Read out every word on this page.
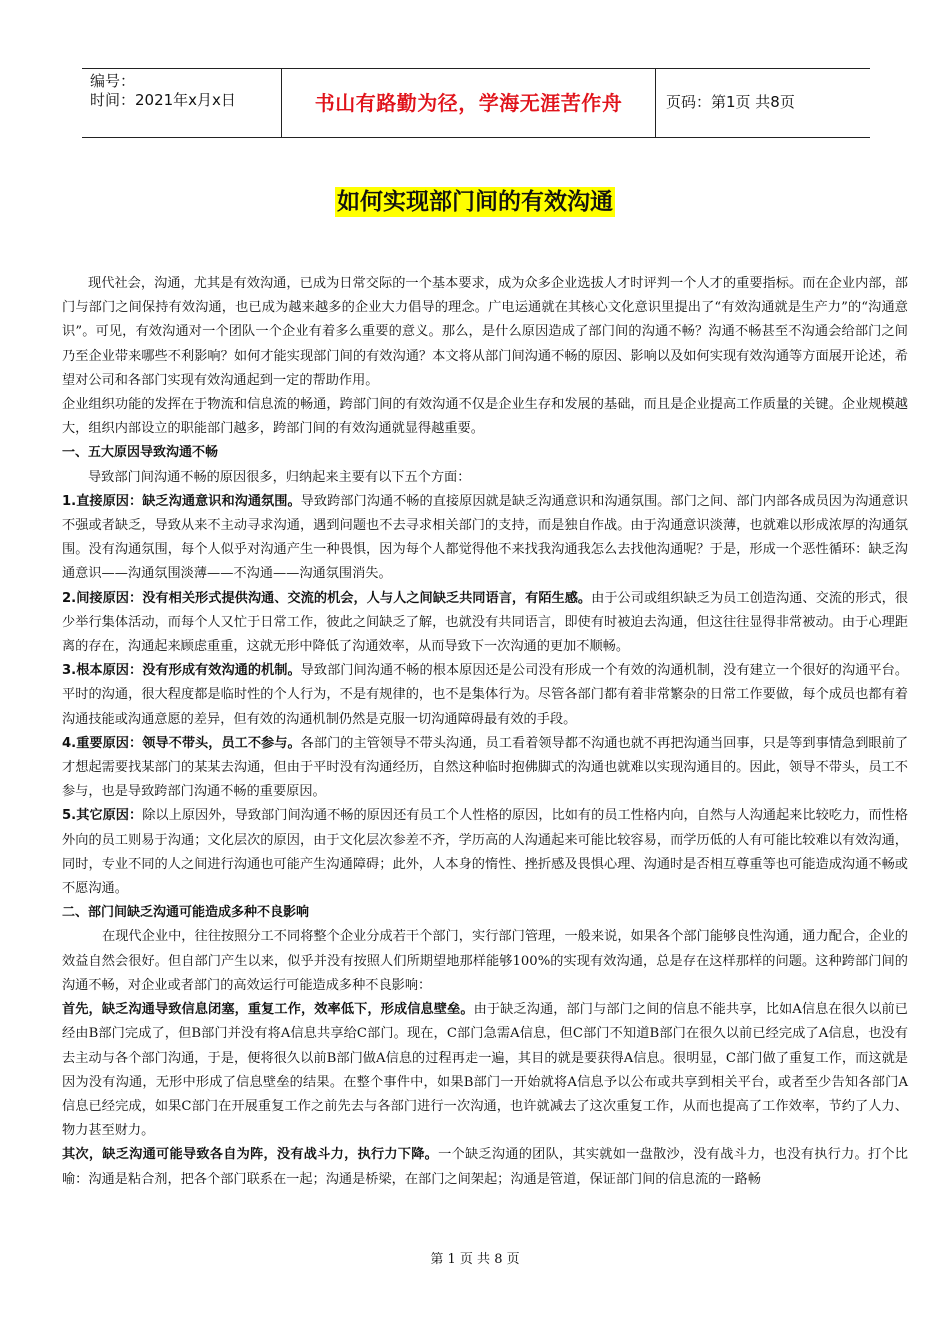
编号：
时间：2021年x月x日	书山有路勤为径，学海无涯苦作舟	页码：第1页 共8页
如何实现部门间的有效沟通

现代社会，沟通，尤其是有效沟通，已成为日常交际的一个基本要求，成为众多企业选拔人才时评判一个人才的重要指标。而在企业内部，部门与部门之间保持有效沟通，也已成为越来越多的企业大力倡导的理念。广电运通就在其核心文化意识里提出了“有效沟通就是生产力”的“沟通意识”。可见，有效沟通对一个团队一个企业有着多么重要的意义。那么，是什么原因造成了部门间的沟通不畅？沟通不畅甚至不沟通会给部门之间乃至企业带来哪些不利影响？如何才能实现部门间的有效沟通？本文将从部门间沟通不畅的原因、影响以及如何实现有效沟通等方面展开论述，希望对公司和各部门实现有效沟通起到一定的帮助作用。

企业组织功能的发挥在于物流和信息流的畅通，跨部门间的有效沟通不仅是企业生存和发展的基础，而且是企业提高工作质量的关键。企业规模越大，组织内部设立的职能部门越多，跨部门间的有效沟通就显得越重要。

一、五大原因导致沟通不畅

导致部门间沟通不畅的原因很多，归纳起来主要有以下五个方面：

1.直接原因：缺乏沟通意识和沟通氛围。导致跨部门沟通不畅的直接原因就是缺乏沟通意识和沟通氛围。部门之间、部门内部各成员因为沟通意识不强或者缺乏，导致从来不主动寻求沟通，遇到问题也不去寻求相关部门的支持，而是独自作战。由于沟通意识淡薄，也就难以形成浓厚的沟通氛围。没有沟通氛围，每个人似乎对沟通产生一种畏惧，因为每个人都觉得他不来找我沟通我怎么去找他沟通呢？于是，形成一个恶性循环：缺乏沟通意识——沟通氛围淡薄——不沟通——沟通氛围消失。

2.间接原因：没有相关形式提供沟通、交流的机会，人与人之间缺乏共同语言，有陌生感。由于公司或组织缺乏为员工创造沟通、交流的形式，很少举行集体活动，而每个人又忙于日常工作，彼此之间缺乏了解，也就没有共同语言，即使有时被迫去沟通，但这往往显得非常被动。由于心理距离的存在，沟通起来顾虑重重，这就无形中降低了沟通效率，从而导致下一次沟通的更加不顺畅。

3.根本原因：没有形成有效沟通的机制。导致部门间沟通不畅的根本原因还是公司没有形成一个有效的沟通机制，没有建立一个很好的沟通平台。平时的沟通，很大程度都是临时性的个人行为，不是有规律的，也不是集体行为。尽管各部门都有着非常繁杂的日常工作要做，每个成员也都有着沟通技能或沟通意愿的差异，但有效的沟通机制仍然是克服一切沟通障碍最有效的手段。

4.重要原因：领导不带头，员工不参与。各部门的主管领导不带头沟通，员工看着领导都不沟通也就不再把沟通当回事，只是等到事情急到眼前了才想起需要找某部门的某某去沟通，但由于平时没有沟通经历，自然这种临时抱佛脚式的沟通也就难以实现沟通目的。因此，领导不带头，员工不参与，也是导致跨部门沟通不畅的重要原因。

5.其它原因：除以上原因外，导致部门间沟通不畅的原因还有员工个人性格的原因，比如有的员工性格内向，自然与人沟通起来比较吃力，而性格外向的员工则易于沟通；文化层次的原因，由于文化层次参差不齐，学历高的人沟通起来可能比较容易，而学历低的人有可能比较难以有效沟通，同时，专业不同的人之间进行沟通也可能产生沟通障碍；此外，人本身的惰性、挫折感及畏惧心理、沟通时是否相互尊重等也可能造成沟通不畅或不愿沟通。

二、部门间缺乏沟通可能造成多种不良影响

在现代企业中，往往按照分工不同将整个企业分成若干个部门，实行部门管理，一般来说，如果各个部门能够良性沟通，通力配合，企业的效益自然会很好。但自部门产生以来，似乎并没有按照人们所期望地那样能够100%的实现有效沟通，总是存在这样那样的问题。这种跨部门间的沟通不畅，对企业或者部门的高效运行可能造成多种不良影响：

首先，缺乏沟通导致信息闭塞，重复工作，效率低下，形成信息壁垒。由于缺乏沟通，部门与部门之间的信息不能共享，比如A信息在很久以前已经由B部门完成了，但B部门并没有将A信息共享给C部门。现在，C部门急需A信息，但C部门不知道B部门在很久以前已经完成了A信息，也没有去主动与各个部门沟通，于是，便将很久以前B部门做A信息的过程再走一遍，其目的就是要获得A信息。很明显，C部门做了重复工作，而这就是因为没有沟通，无形中形成了信息壁垒的结果。在整个事件中，如果B部门一开始就将A信息予以公布或共享到相关平台，或者至少告知各部门A信息已经完成，如果C部门在开展重复工作之前先去与各部门进行一次沟通，也许就减去了这次重复工作，从而也提高了工作效率，节约了人力、物力甚至财力。

其次，缺乏沟通可能导致各自为阵，没有战斗力，执行力下降。一个缺乏沟通的团队，其实就如一盘散沙，没有战斗力，也没有执行力。打个比喻：沟通是粘合剂，把各个部门联系在一起；沟通是桥梁，在部门之间架起；沟通是管道，保证部门间的信息流的一路畅

第 1 页 共 8 页
